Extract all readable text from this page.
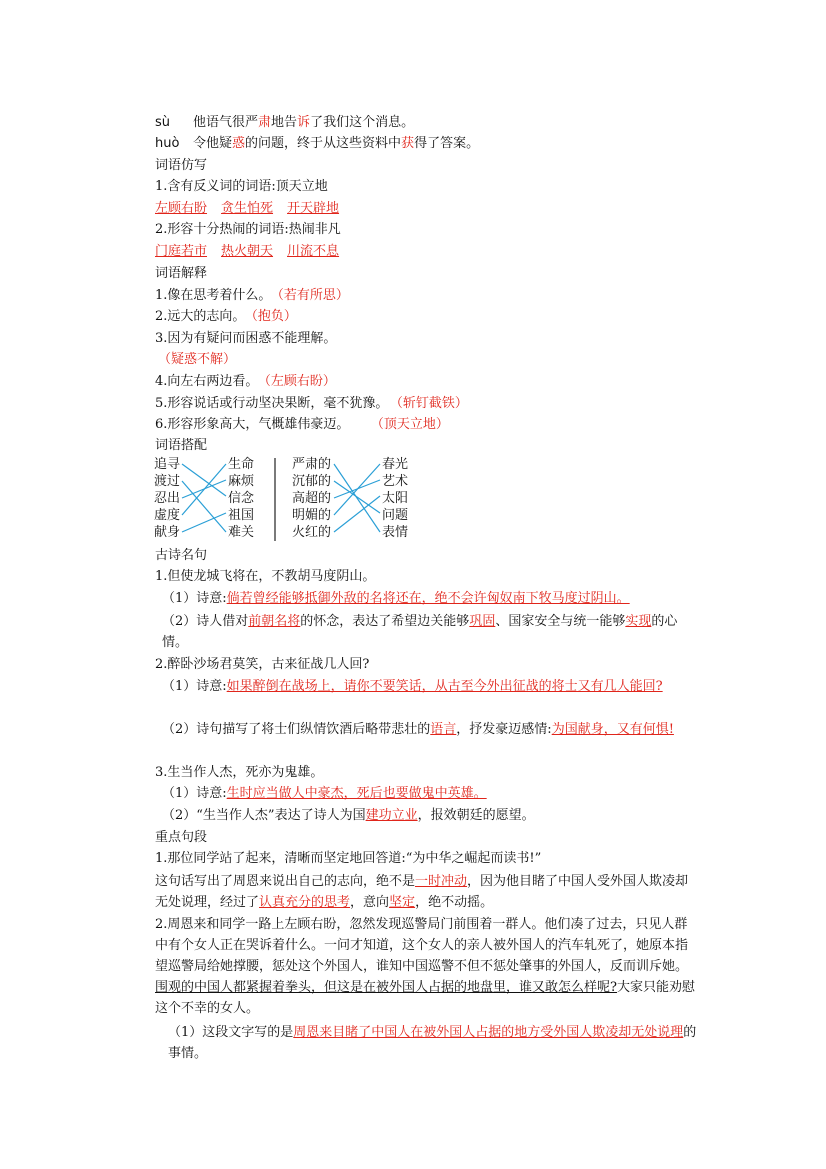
sù 他语气很严肃地告诉了我们这个消息。
huò 令他疑惑的问题，终于从这些资料中获得了答案。
词语仿写
1.含有反义词的词语:顶天立地
左顾右盼 贪生怕死 开天辟地
2.形容十分热闹的词语:热闹非凡
门庭若市 热火朝天 川流不息
词语解释
1.像在思考着什么。 （若有所思）
2.远大的志向。 （抱负）
3.因为有疑问而困惑不能理解。
（疑惑不解）
4.向左右两边看。 （左顾右盼）
5.形容说话或行动坚决果断，毫不犹豫。 （斩钉截铁）
6.形容形象高大，气概雄伟豪迈。 （顶天立地）
词语搭配
追寻
渡过
忍出
虚度
献身
生命
麻烦
信念
祖国
难关
严肃的
沉郁的
高超的
明媚的
火红的
春光
艺术
太阳
问题
表情
古诗名句
1.但使龙城飞将在，不教胡马度阴山。
（1）诗意:倘若曾经能够抵御外敌的名将还在，绝不会许匈奴南下牧马度过阴山。
（2）诗人借对前朝名将的怀念，表达了希望边关能够巩固、国家安全与统一能够实现的心情。
2.醉卧沙场君莫笑，古来征战几人回?
（1）诗意:如果醉倒在战场上，请你不要笑话，从古至今外出征战的将士又有几人能回?
（2）诗句描写了将士们纵情饮酒后略带悲壮的语言，抒发豪迈感情:为国献身，又有何惧!
3.生当作人杰，死亦为鬼雄。
（1）诗意:生时应当做人中豪杰，死后也要做鬼中英雄。
（2）“生当作人杰”表达了诗人为国建功立业，报效朝廷的愿望。
重点句段
1.那位同学站了起来，清晰而坚定地回答道:“为中华之崛起而读书!”
这句话写出了周恩来说出自己的志向，绝不是一时冲动，因为他目睹了中国人受外国人欺凌却无处说理，经过了认真充分的思考，意向坚定，绝不动摇。
2.周恩来和同学一路上左顾右盼，忽然发现巡警局门前围着一群人。他们凑了过去，只见人群中有个女人正在哭诉着什么。一问才知道，这个女人的亲人被外国人的汽车轧死了，她原本指望巡警局给她撑腰，惩处这个外国人，谁知中国巡警不但不惩处肇事的外国人，反而训斥她。围观的中国人都紧握着拳头，但这是在被外国人占据的地盘里，谁又敢怎么样呢?大家只能劝慰这个不幸的女人。
（1）这段文字写的是周恩来目睹了中国人在被外国人占据的地方受外国人欺凌却无处说理的事情。
